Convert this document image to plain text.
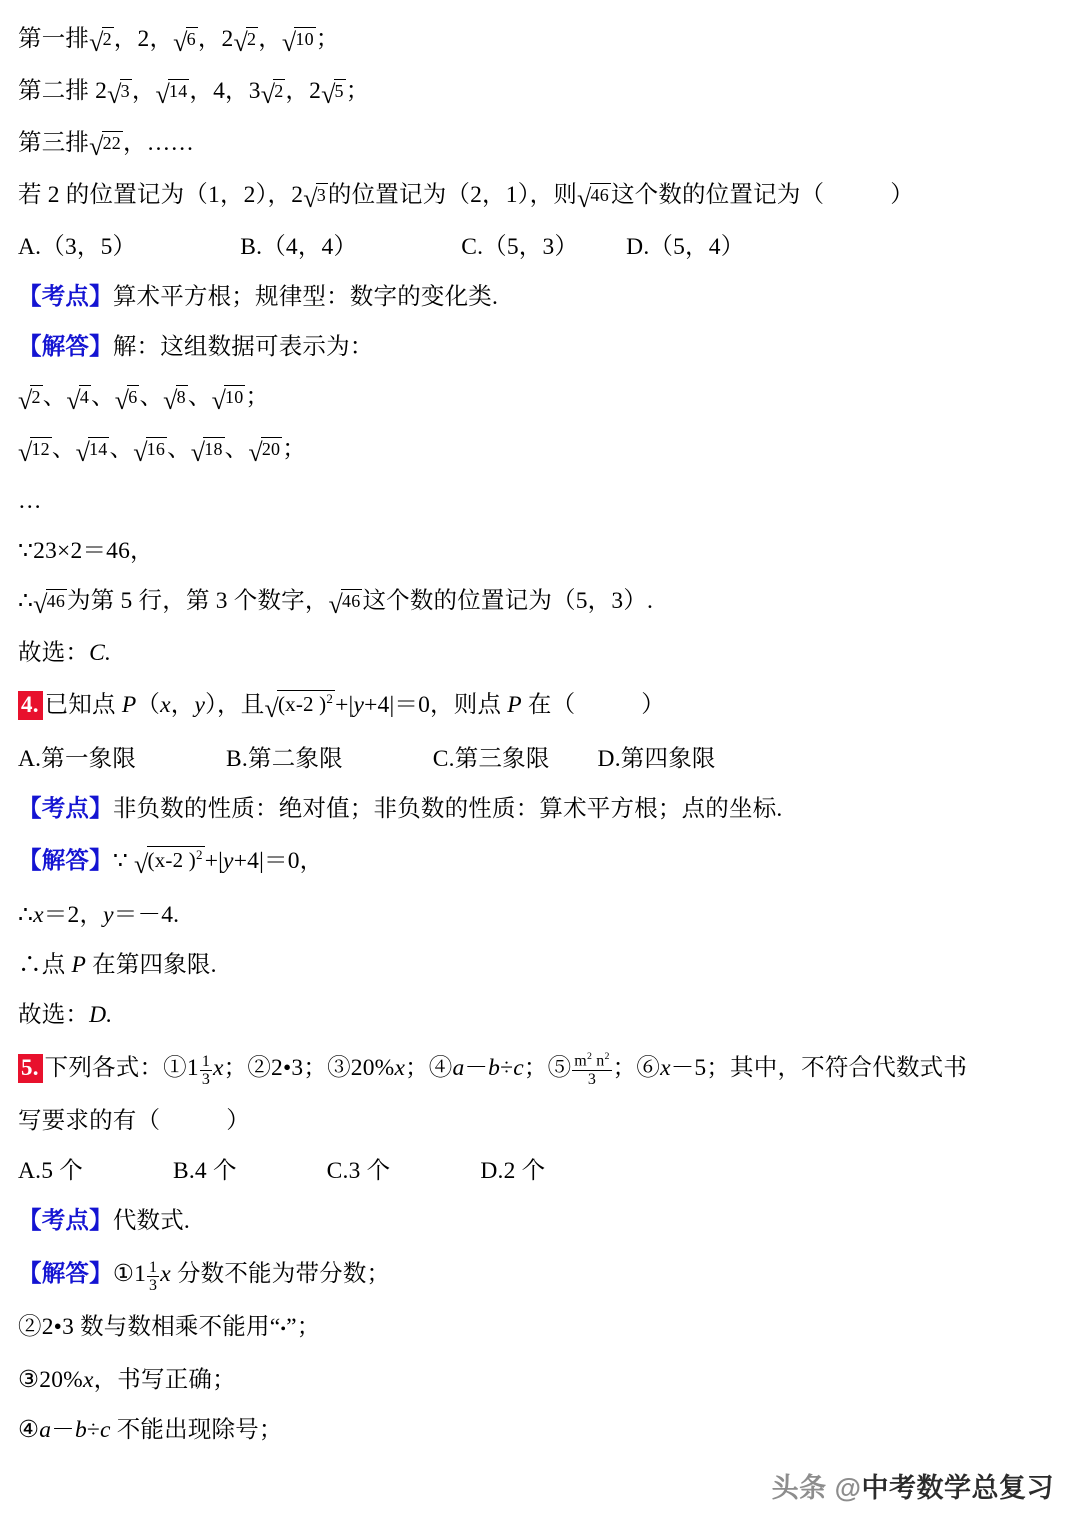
第一排√2，2，√6，2√2，√10；
第二排 2√3，√14，4，3√2，2√5；
第三排√22，……
若 2 的位置记为（1，2），2√3的位置记为（2，1），则√46这个数的位置记为（	）
A.（3，5）	B.（4，4）	C.（5，3） D.（5，4）
【考点】算术平方根；规律型：数字的变化类.
【解答】解：这组数据可表示为：
√2、√4、√6、√8、√10；
√12、√14、√16、√18、√20；
…
∵23×2＝46，
∴√46为第 5 行，第 3 个数字，√46这个数的位置记为（5，3）.
故选：C.
4. 已知点 P（x，y），且√(x-2 )$^2$+|y+4|＝0，则点 P 在（	）
A.第一象限	B.第二象限	C.第三象限 D.第四象限
【考点】非负数的性质：绝对值；非负数的性质：算术平方根；点的坐标.
【解答】∵ √(x-2 )$^2$+|y+4|＝0，
∴x＝2，y＝－4.
∴点 P 在第四象限.
故选：D.
5. 下列各式：①1 $\frac{1}{3}$ x；②2•3；③20%x；④a－b÷c；⑤ $\frac{m^2 n^2}{3}$ ；⑥x－5；其中，不符合代数式书
写要求的有（	）
A.5 个	B.4 个	C.3 个	D.2 个
【考点】代数式.
【解答】①1 $\frac{1}{3}$ x 分数不能为带分数；
②2•3 数与数相乘不能用“•”；
③20%x，书写正确；
④a－b÷c 不能出现除号；
头条 @中考数学总复习
